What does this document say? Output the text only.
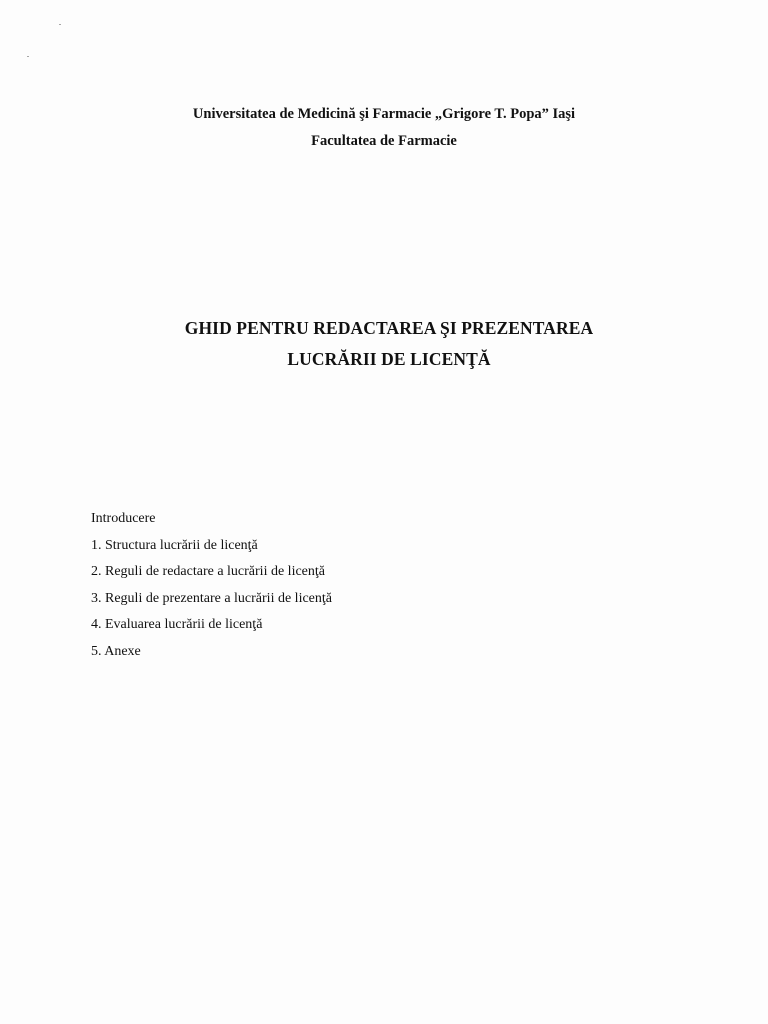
Universitatea de Medicină şi Farmacie „Grigore T. Popa” Iaşi
Facultatea de Farmacie
GHID PENTRU REDACTAREA ŞI PREZENTAREA
LUCRĂRII DE LICENŢĂ
Introducere
1. Structura lucrării de licenţă
2. Reguli de redactare a lucrării de licenţă
3. Reguli de prezentare a lucrării de licenţă
4. Evaluarea lucrării de licenţă
5. Anexe
